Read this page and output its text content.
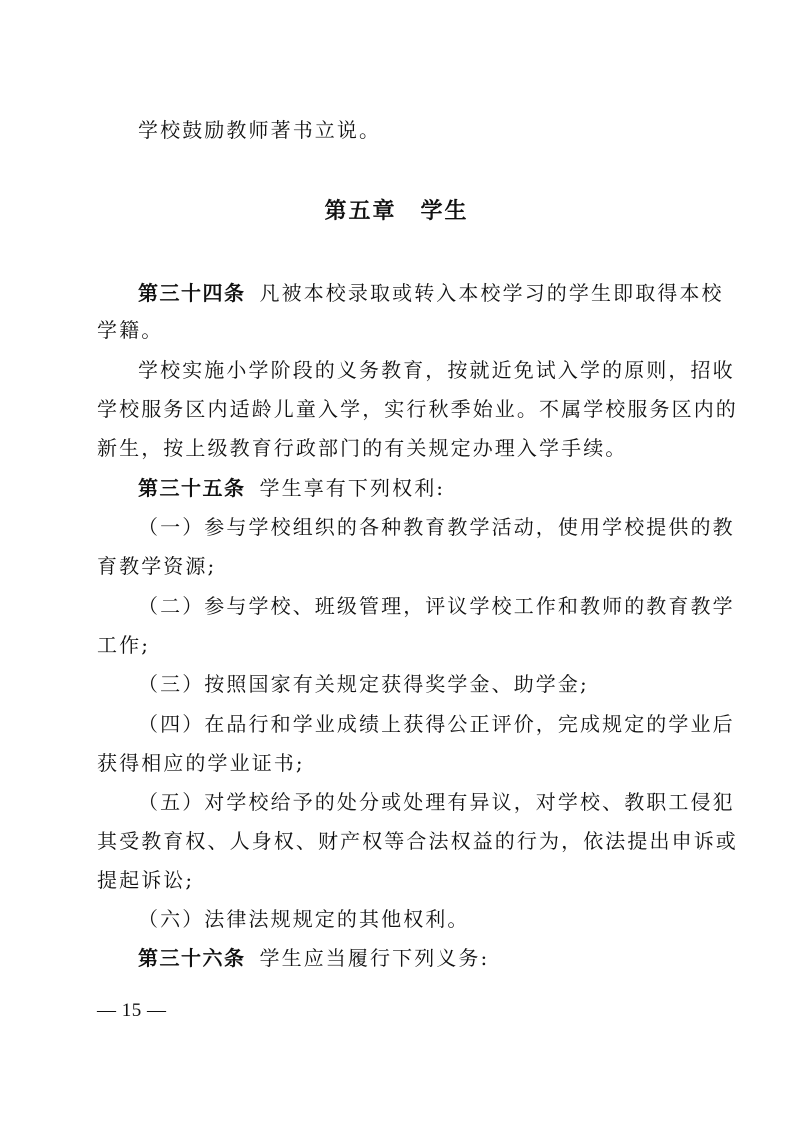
学校鼓励教师著书立说。
第五章　学生
第三十四条 凡被本校录取或转入本校学习的学生即取得本校
学籍。
学校实施小学阶段的义务教育，按就近免试入学的原则，招收
学校服务区内适龄儿童入学，实行秋季始业。不属学校服务区内的
新生，按上级教育行政部门的有关规定办理入学手续。
第三十五条 学生享有下列权利:
（一）参与学校组织的各种教育教学活动，使用学校提供的教
育教学资源;
（二）参与学校、班级管理，评议学校工作和教师的教育教学
工作;
（三）按照国家有关规定获得奖学金、助学金;
（四）在品行和学业成绩上获得公正评价，完成规定的学业后
获得相应的学业证书;
（五）对学校给予的处分或处理有异议，对学校、教职工侵犯
其受教育权、人身权、财产权等合法权益的行为，依法提出申诉或
提起诉讼;
（六）法律法规规定的其他权利。
第三十六条 学生应当履行下列义务:
— 15 —
